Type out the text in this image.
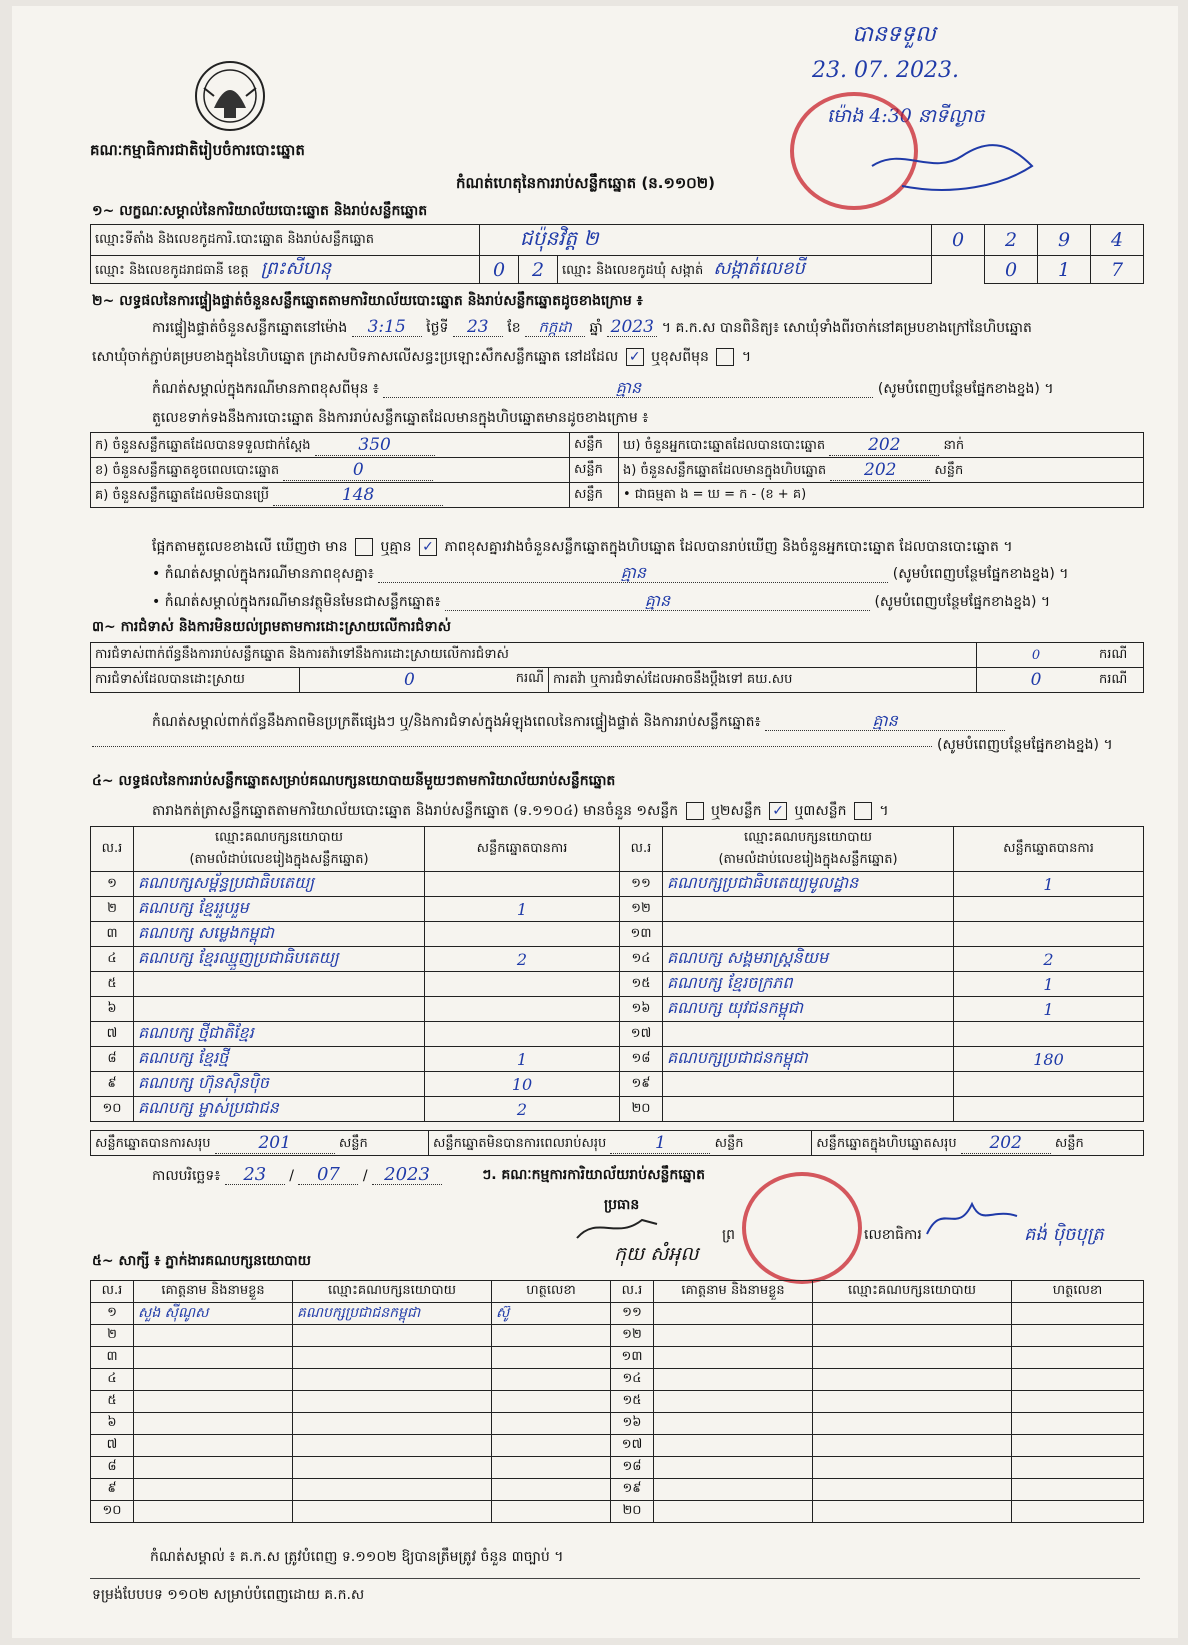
គណៈកម្មាធិការជាតិរៀបចំការបោះឆ្នោត
បានទទួល
23. 07. 2023.
ម៉ោង 4:30 នាទីល្ងាច
កំណត់ហេតុនៃការរាប់សន្លឹកឆ្នោត (ន.១១០២)
១~ លក្ខណៈសម្គាល់នៃការិយាល័យបោះឆ្នោត និងរាប់សន្លឹកឆ្នោត
ឈ្មោះទីតាំង និងលេខកូដការិ.បោះឆ្នោត និងរាប់សន្លឹកឆ្នោត	ជប៉ុនវិត្ត ២			0	2	9	4
ឈ្មោះ និងលេខកូដរាជធានី ខេត្ត ព្រះសីហនុ	0	2	ឈ្មោះ និងលេខកូដឃុំ សង្កាត់ សង្កាត់លេខបី		0	1	7
២~ លទ្ធផលនៃការផ្ទៀងផ្ទាត់ចំនួនសន្លឹកឆ្នោតតាមការិយាល័យបោះឆ្នោត និងរាប់សន្លឹកឆ្នោតដូចខាងក្រោម ៖
ការផ្ទៀងផ្ទាត់ចំនួនសន្លឹកឆ្នោតនៅម៉ោង 3:15 ថ្ងៃទី 23 ខែ កក្កដា ឆ្នាំ 2023 ។ គ.ក.ស បានពិនិត្យ៖ សោឃុំទាំងពីរចាក់នៅគម្របខាងក្រៅនៃហិបឆ្នោត
សោឃុំចាក់ភ្ជាប់គម្របខាងក្នុងនៃហិបឆ្នោត ក្រដាសបិទភាសលើសន្ធះប្រឡោះសឹកសន្លឹកឆ្នោត នៅដដែល ✓ ឬខុសពីមុន  ។
កំណត់សម្គាល់ក្នុងករណីមានភាពខុសពីមុន ៖	គ្មាន	(សូមបំពេញបន្ថែមផ្នែកខាងខ្នង) ។
តួលេខទាក់ទងនឹងការបោះឆ្នោត និងការរាប់សន្លឹកឆ្នោតដែលមានក្នុងហិបឆ្នោតមានដូចខាងក្រោម ៖
ក) ចំនួនសន្លឹកឆ្នោតដែលបានទទួលជាក់ស្តែង 350	សន្លឹក	ឃ) ចំនួនអ្នកបោះឆ្នោតដែលបានបោះឆ្នោត 202 នាក់
ខ) ចំនួនសន្លឹកឆ្នោតខូចពេលបោះឆ្នោត 0	សន្លឹក	ង) ចំនួនសន្លឹកឆ្នោតដែលមានក្នុងហិបឆ្នោត 202 សន្លឹក
គ) ចំនួនសន្លឹកឆ្នោតដែលមិនបានប្រើ 148	សន្លឹក	• ជាធម្មតា ង = ឃ = ក - (ខ + គ)
ផ្អែកតាមតួលេខខាងលើ ឃើញថា មាន ឬគ្មាន ✓ ភាពខុសគ្នារវាងចំនួនសន្លឹកឆ្នោតក្នុងហិបឆ្នោត ដែលបានរាប់ឃើញ និងចំនួនអ្នកបោះឆ្នោត ដែលបានបោះឆ្នោត ។
• កំណត់សម្គាល់ក្នុងករណីមានភាពខុសគ្នា៖	គ្មាន	(សូមបំពេញបន្ថែមផ្នែកខាងខ្នង) ។
• កំណត់សម្គាល់ក្នុងករណីមានវត្ថុមិនមែនជាសន្លឹកឆ្នោត៖	គ្មាន	(សូមបំពេញបន្ថែមផ្នែកខាងខ្នង) ។
៣~ ការជំទាស់ និងការមិនយល់ព្រមតាមការដោះស្រាយលើការជំទាស់
ការជំទាស់ពាក់ព័ន្ធនឹងការរាប់សន្លឹកឆ្នោត និងការតវ៉ាទៅនឹងការដោះស្រាយលើការជំទាស់			0	ករណី
ការជំទាស់ដែលបានដោះស្រាយ	0 ករណី	ការតវ៉ា ឬការជំទាស់ដែលអាចនឹងប្តឹងទៅ គឃ.សប	0	ករណី
កំណត់សម្គាល់ពាក់ព័ន្ធនឹងភាពមិនប្រក្រតីផ្សេងៗ ឬ/និងការជំទាស់ក្នុងអំឡុងពេលនៃការផ្ទៀងផ្ទាត់ និងការរាប់សន្លឹកឆ្នោត៖	គ្មាន
(សូមបំពេញបន្ថែមផ្នែកខាងខ្នង) ។
៤~ លទ្ធផលនៃការរាប់សន្លឹកឆ្នោតសម្រាប់គណបក្សនយោបាយនីមួយៗតាមការិយាល័យរាប់សន្លឹកឆ្នោត
តារាងកត់ត្រាសន្លឹកឆ្នោតតាមការិយាល័យបោះឆ្នោត និងរាប់សន្លឹកឆ្នោត (ទ.១១០៤) មានចំនួន ១សន្លឹក ឬ២សន្លឹក ✓ ឬ៣សន្លឹក  ។
ល.រ	ឈ្មោះគណបក្សនយោបាយ	សន្លឹកឆ្នោតបានការ	ល.រ	ឈ្មោះគណបក្សនយោបាយ	សន្លឹកឆ្នោតបានការ
	(តាមលំដាប់លេខរៀងក្នុងសន្លឹកឆ្នោត)			(តាមលំដាប់លេខរៀងក្នុងសន្លឹកឆ្នោត)	
១	គណបក្សសម្ព័ន្ធប្រជាធិបតេយ្យ		១១	គណបក្សប្រជាធិបតេយ្យមូលដ្ឋាន	1
២	គណបក្ស ខ្មែររួបរួម	1	១២		
៣	គណបក្ស សម្លេងកម្ពុជា		១៣		
៤	គណបក្ស ខ្មែរឈ្មួញប្រជាធិបតេយ្យ	2	១៤	គណបក្ស សង្គមរាស្ត្រនិយម	2
៥			១៥	គណបក្ស ខ្មែរចក្រភព	1
៦			១៦	គណបក្ស យុវជនកម្ពុជា	1
៧	គណបក្ស ថ្មីជាតិខ្មែរ		១៧		
៨	គណបក្ស ខ្មែរថ្មី	1	១៨	គណបក្សប្រជាជនកម្ពុជា	180
៩	គណបក្ស ហ៊ុនស៊ិនប៉ិច	10	១៩		
១០	គណបក្ស ម្ចាស់ប្រជាជន	2	២០		
សន្លឹកឆ្នោតបានការសរុប	201	សន្លឹក	សន្លឹកឆ្នោតមិនបានការពេលរាប់សរុប	1	សន្លឹក	សន្លឹកឆ្នោតក្នុងហិបឆ្នោតសរុប 202	សន្លឹក
កាលបរិច្ឆេទ៖ 23 / 07 / 2023	ៗ. គណៈកម្មការការិយាល័យរាប់សន្លឹកឆ្នោត
ប្រធាន
កុយ សំអុល
ព្រ	លេខាធិការ	គង់ ប៉ិចបុត្រ
៥~ សាក្សី ៖ ភ្នាក់ងារគណបក្សនយោបាយ
ល.រ	គោត្តនាម និងនាមខ្លួន	ឈ្មោះគណបក្សនយោបាយ	ហត្ថលេខា	ល.រ	គោត្តនាម និងនាមខ្លួន	ឈ្មោះគណបក្សនយោបាយ	ហត្ថលេខា
១	សួង ស៊ីណូស	គណបក្សប្រជាជនកម្ពុជា	ស៊ូ	១១			
២				១២			
៣				១៣			
៤				១៤			
៥				១៥			
៦				១៦			
៧				១៧			
៨				១៨			
៩				១៩			
១០				២០			
កំណត់សម្គាល់ ៖ គ.ក.ស ត្រូវបំពេញ ទ.១១០២ ឱ្យបានត្រឹមត្រូវ ចំនួន ៣ច្បាប់ ។
ទម្រង់បែបបទ ១១០២ សម្រាប់បំពេញដោយ គ.ក.ស
